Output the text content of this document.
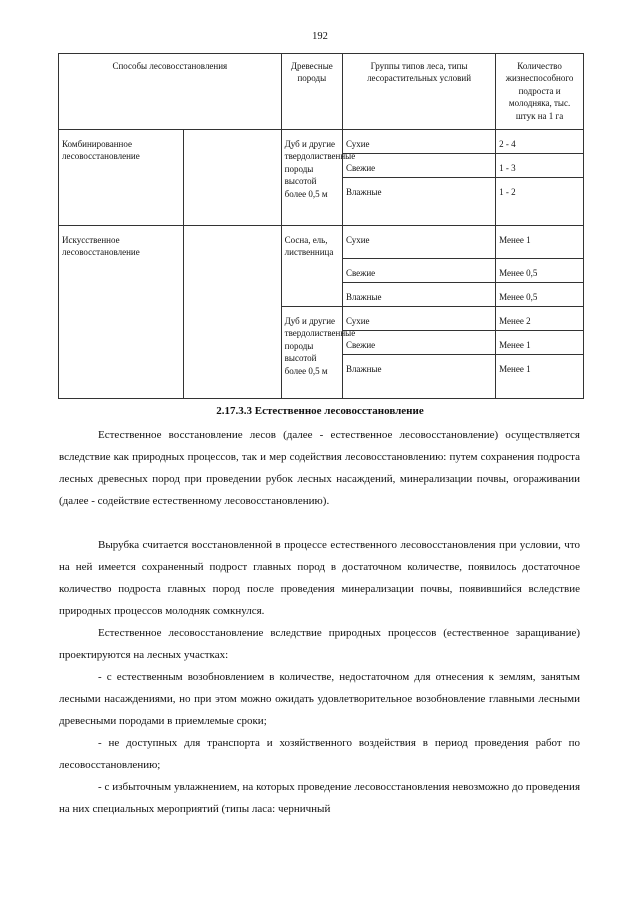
192
Способы лесовосстановления		Древесные породы	Группы типов леса, типы лесорастительных условий	Количество жизнеспособного подроста и молодняка, тыс. штук на 1 га
Комбинированное лесовосстановление		Дуб и другие твердолиственные породы высотой более 0,5 м	Сухие	2 - 4
			Свежие	1 - 3
			Влажные	1 - 2
Искусственное лесовосстановление		Сосна, ель, лиственница	Сухие	Менее 1
			Свежие	Менее 0,5
			Влажные	Менее 0,5
		Дуб и другие твердолиственные породы высотой более 0,5 м	Сухие	Менее 2
			Свежие	Менее 1
			Влажные	Менее 1
2.17.3.3 Естественное лесовосстановление

Естественное восстановление лесов (далее - естественное лесовосстановление) осуществляется вследствие как природных процессов, так и мер содействия лесовосстановлению: путем сохранения подроста лесных древесных пород при проведении рубок лесных насаждений, минерализации почвы, огораживании (далее - содействие естественному лесовосстановлению).

Вырубка считается восстановленной в процессе естественного лесовосстановления при условии, что на ней имеется сохраненный подрост главных пород в достаточном количестве, появилось достаточное количество подроста главных пород после проведения минерализации почвы, появившийся вследствие природных процессов молодняк сомкнулся.

Естественное лесовосстановление вследствие природных процессов (естественное заращивание) проектируются на лесных участках:

- с естественным возобновлением в количестве, недостаточном для отнесения к землям, занятым лесными насаждениями, но при этом можно ожидать удовлетворительное возобновление главными лесными древесными породами в приемлемые сроки;

- не доступных для транспорта и хозяйственного воздействия в период проведения работ по лесовосстановлению;

- с избыточным увлажнением, на которых проведение лесовосстановления невозможно до проведения на них специальных мероприятий (типы ласа: черничный
